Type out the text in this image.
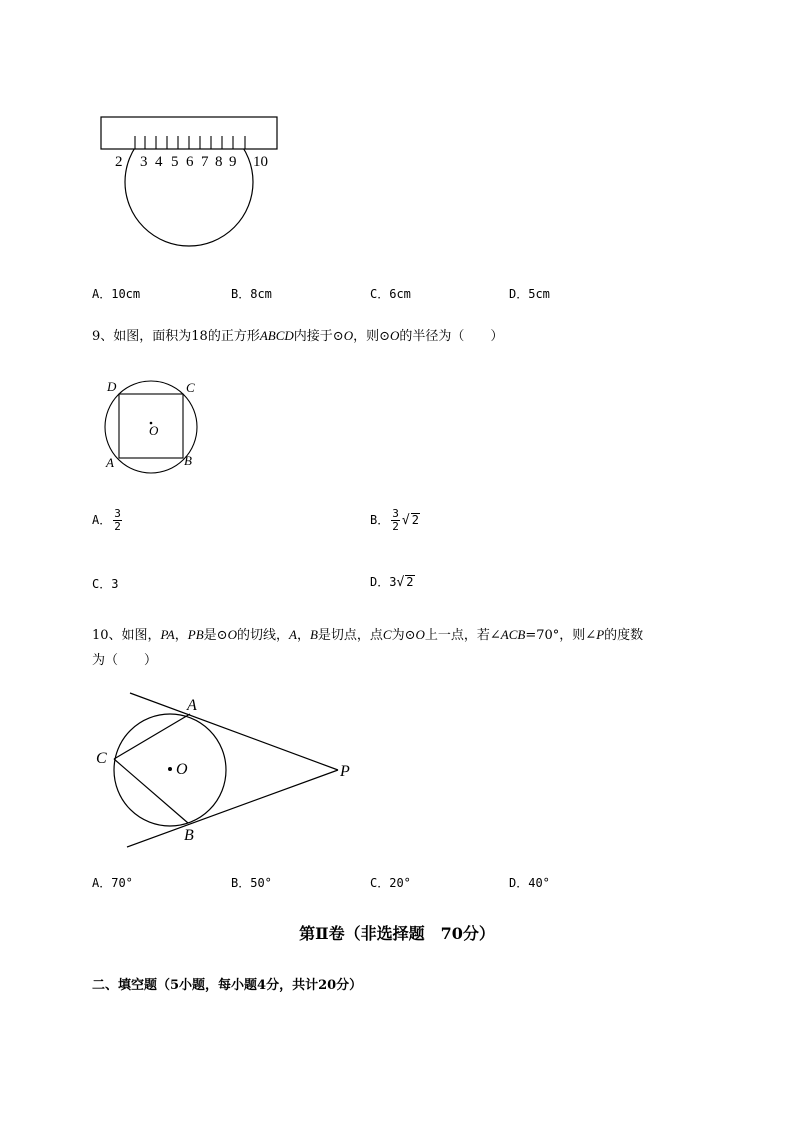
2 3 4 5 6 7 8 9 10
A．10cm	B．8cm	C．6cm	D．5cm
9、如图，面积为18的正方形ABCD内接于⊙O，则⊙O的半径为（　　）
D	C
O
A	B
A． $\frac{3}{2}$	B． $\frac{3}{2}$ √ 2
C．3	D．3√ 2
10、如图，PA，PB是⊙O的切线，A，B是切点，点C为⊙O上一点，若∠ACB=70°，则∠P的度数
为（　　）
A
C
O	P
B
A．70°	B．50°	C．20°	D．40°
第Ⅱ卷（非选择题　70分）
二、填空题（5小题，每小题4分，共计20分）
